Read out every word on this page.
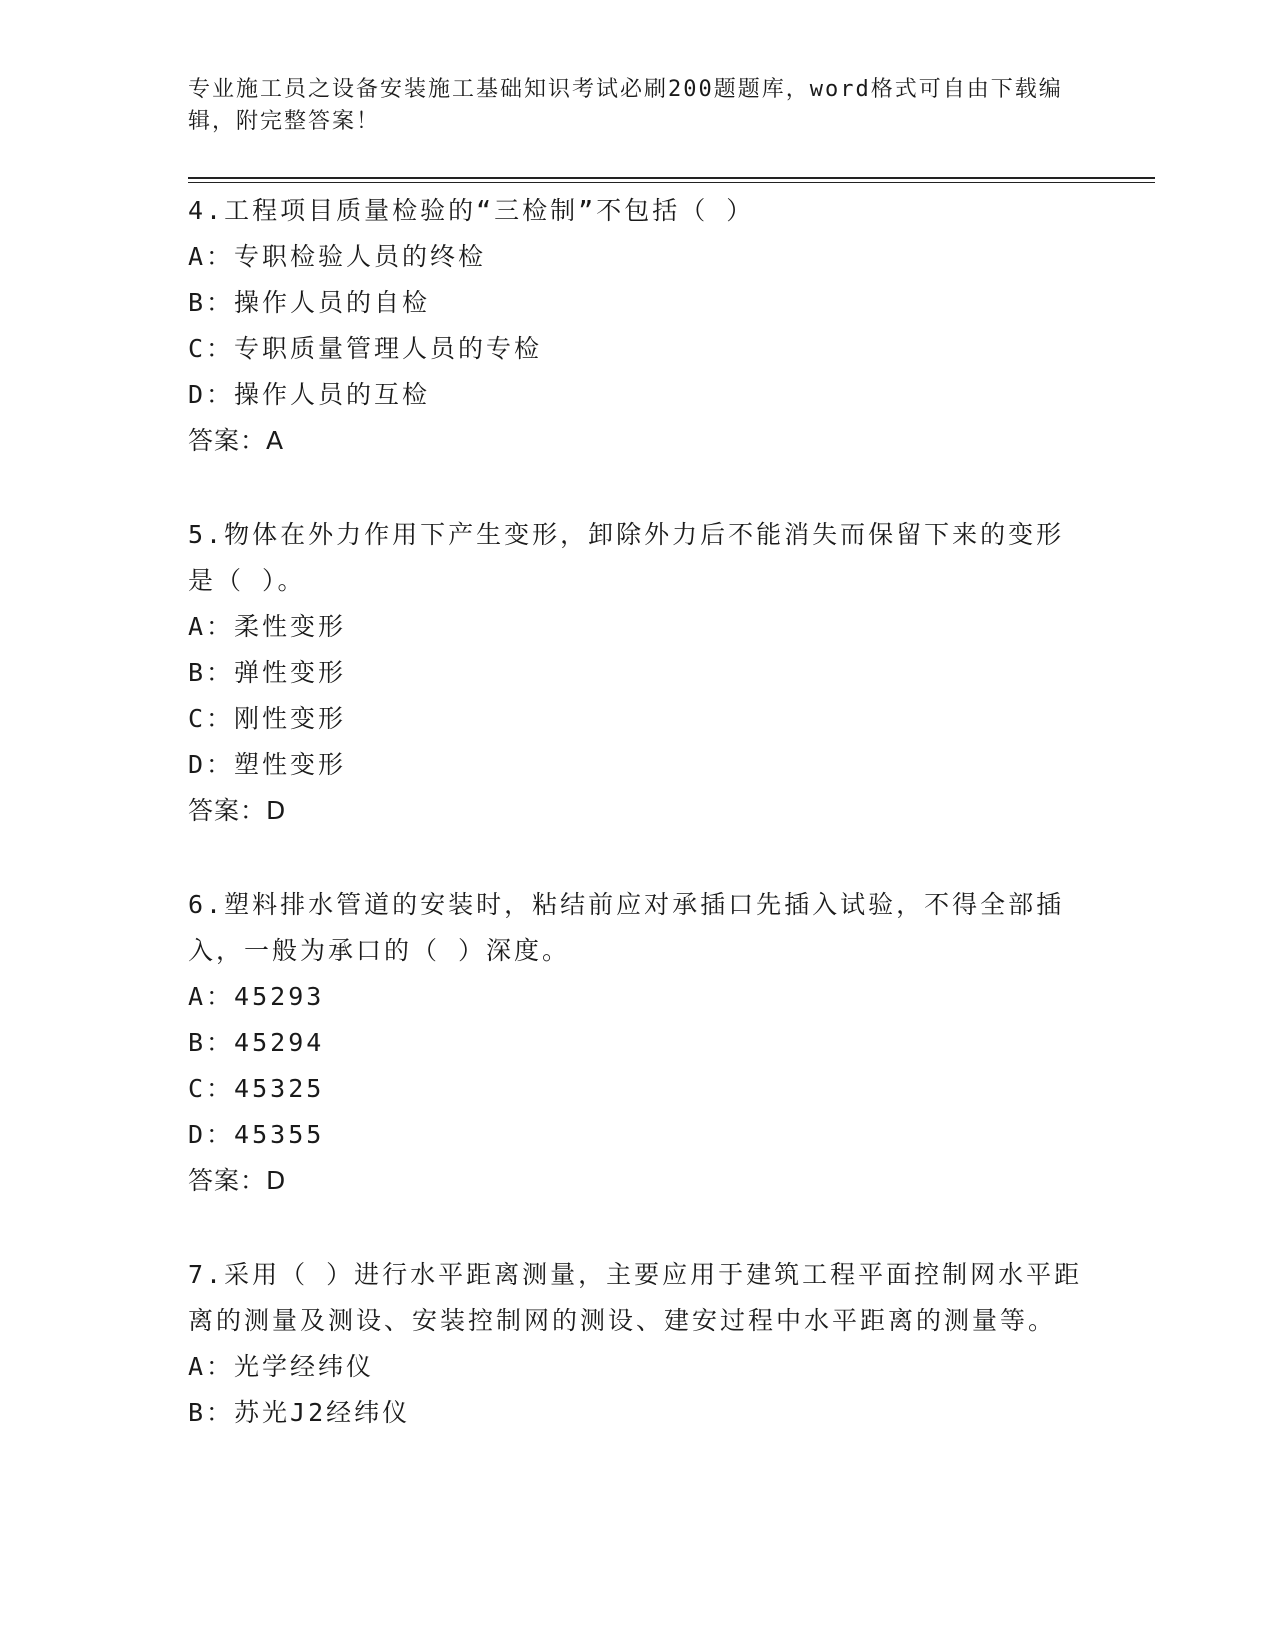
专业施工员之设备安装施工基础知识考试必刷200题题库，word格式可自由下载编辑，附完整答案！

4.工程项目质量检验的“三检制”不包括（ ）

A：专职检验人员的终检

B：操作人员的自检

C：专职质量管理人员的专检

D：操作人员的互检

答案：A

5.物体在外力作用下产生变形，卸除外力后不能消失而保留下来的变形是（ ）。

A：柔性变形

B：弹性变形

C：刚性变形

D：塑性变形

答案：D

6.塑料排水管道的安装时，粘结前应对承插口先插入试验，不得全部插入，一般为承口的（ ）深度。

A：45293

B：45294

C：45325

D：45355

答案：D

7.采用（ ）进行水平距离测量，主要应用于建筑工程平面控制网水平距离的测量及测设、安装控制网的测设、建安过程中水平距离的测量等。

A：光学经纬仪

B：苏光J2经纬仪
